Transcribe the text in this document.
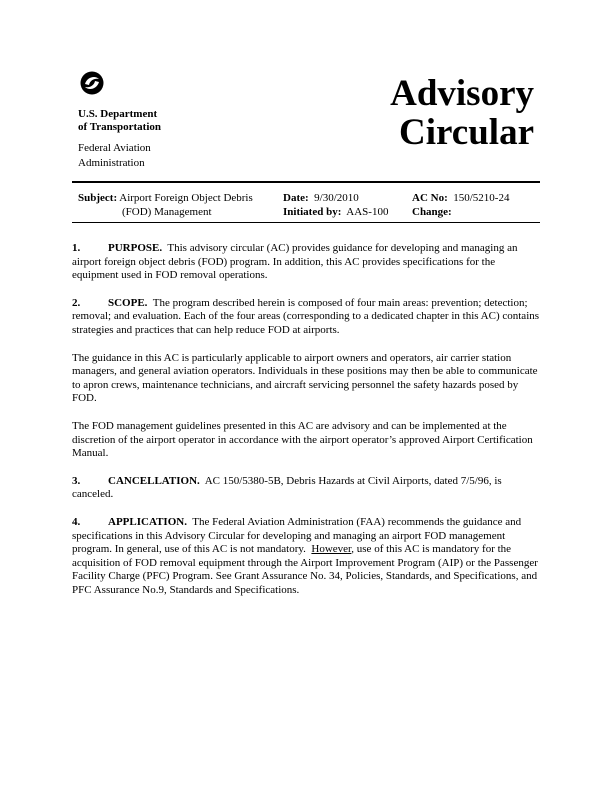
U.S. Department
of Transportation
Federal Aviation
Administration
Advisory
Circular
Subject: Airport Foreign Object Debris
(FOD) Management
Date: 9/30/2010
Initiated by: AAS-100
AC No: 150/5210-24
Change:

1.	PURPOSE. This advisory circular (AC) provides guidance for developing and managing an airport foreign object debris (FOD) program. In addition, this AC provides specifications for the equipment used in FOD removal operations.

2.	SCOPE. The program described herein is composed of four main areas: prevention; detection; removal; and evaluation. Each of the four areas (corresponding to a dedicated chapter in this AC) contains strategies and practices that can help reduce FOD at airports.

The guidance in this AC is particularly applicable to airport owners and operators, air carrier station managers, and general aviation operators. Individuals in these positions may then be able to communicate to apron crews, maintenance technicians, and aircraft servicing personnel the safety hazards posed by FOD.

The FOD management guidelines presented in this AC are advisory and can be implemented at the discretion of the airport operator in accordance with the airport operator’s approved Airport Certification Manual.

3.	CANCELLATION. AC 150/5380-5B, Debris Hazards at Civil Airports, dated 7/5/96, is canceled.

4.	APPLICATION. The Federal Aviation Administration (FAA) recommends the guidance and specifications in this Advisory Circular for developing and managing an airport FOD management program. In general, use of this AC is not mandatory. However, use of this AC is mandatory for the acquisition of FOD removal equipment through the Airport Improvement Program (AIP) or the Passenger Facility Charge (PFC) Program. See Grant Assurance No. 34, Policies, Standards, and Specifications, and PFC Assurance No.9, Standards and Specifications.
